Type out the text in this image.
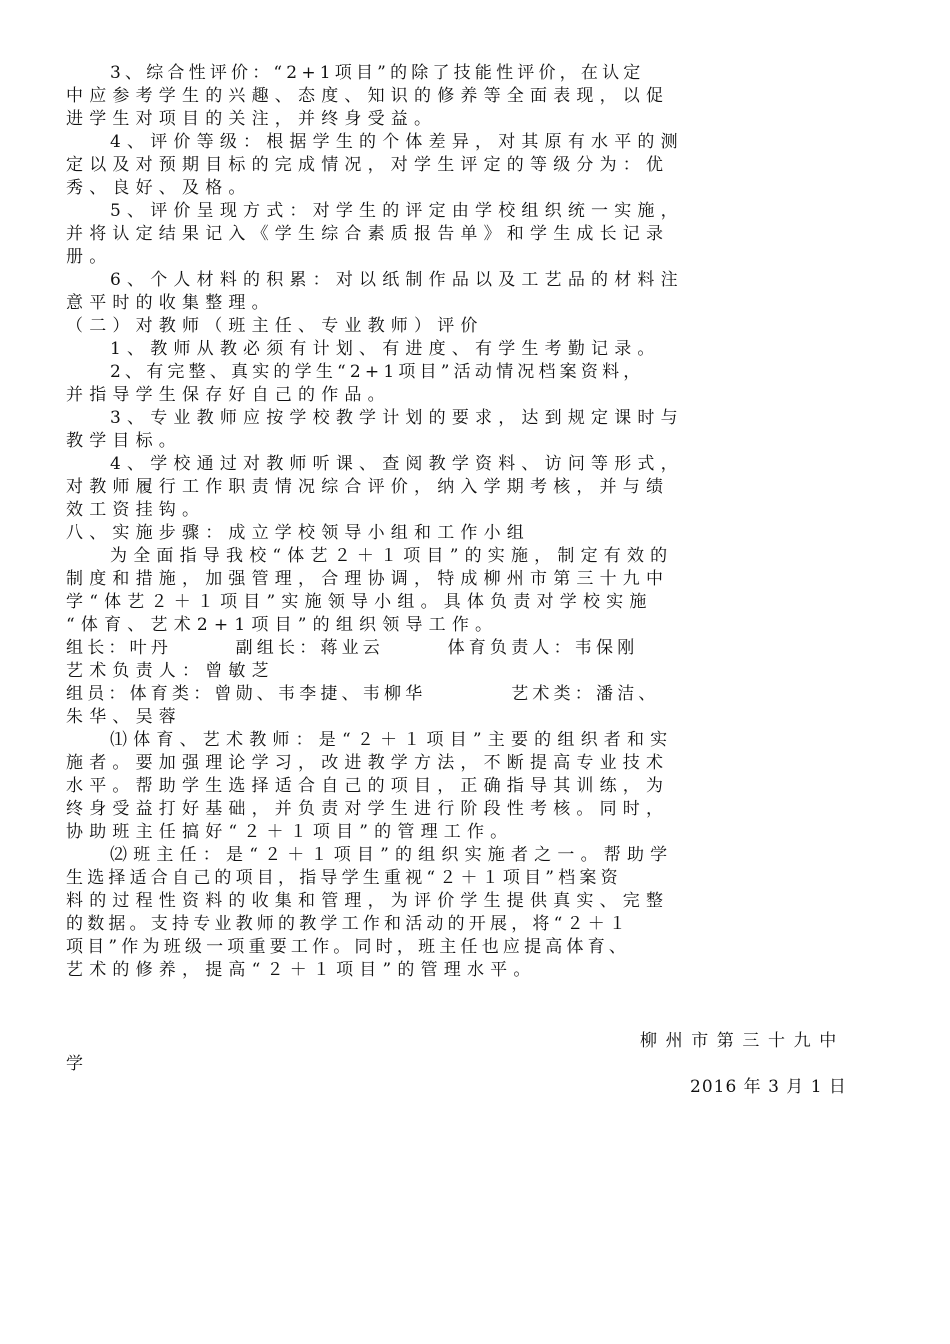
3、综合性评价：“2+1项目”的除了技能性评价，在认定
中应参考学生的兴趣、态度、知识的修养等全面表现，以促
进学生对项目的关注，并终身受益。
4、评价等级：根据学生的个体差异，对其原有水平的测
定以及对预期目标的完成情况，对学生评定的等级分为：优
秀、良好、及格。
5、评价呈现方式：对学生的评定由学校组织统一实施，
并将认定结果记入《学生综合素质报告单》和学生成长记录
册。
6、个人材料的积累：对以纸制作品以及工艺品的材料注
意平时的收集整理。
（二）对教师（班主任、专业教师）评价
1、教师从教必须有计划、有进度、有学生考勤记录。
2、有完整、真实的学生“2+1项目”活动情况档案资料，
并指导学生保存好自己的作品。
3、专业教师应按学校教学计划的要求，达到规定课时与
教学目标。
4、学校通过对教师听课、查阅教学资料、访问等形式，
对教师履行工作职责情况综合评价，纳入学期考核，并与绩
效工资挂钩。
八、实施步骤：成立学校领导小组和工作小组
为全面指导我校“体艺２＋１项目”的实施，制定有效的
制度和措施，加强管理，合理协调，特成柳州市第三十九中
学“体艺２＋１项目”实施领导小组。具体负责对学校实施
“体育、艺术2+1项目”的组织领导工作。
组长：叶丹　　　副组长：蒋业云　　　体育负责人：韦保刚
艺术负责人：曾敏芝
组员：体育类：曾勋、韦李捷、韦柳华　　　　艺术类：潘洁、
朱华、吴蓉
⑴体育、艺术教师：是“２＋１项目”主要的组织者和实
施者。要加强理论学习，改进教学方法，不断提高专业技术
水平。帮助学生选择适合自己的项目，正确指导其训练，为
终身受益打好基础，并负责对学生进行阶段性考核。同时，
协助班主任搞好“２＋１项目”的管理工作。
⑵班主任：是“２＋１项目”的组织实施者之一。帮助学
生选择适合自己的项目，指导学生重视“２＋１项目”档案资
料的过程性资料的收集和管理，为评价学生提供真实、完整
的数据。支持专业教师的教学工作和活动的开展，将“２＋１
项目”作为班级一项重要工作。同时，班主任也应提高体育、
艺术的修养，提高“２＋１项目”的管理水平。
柳州市第三十九中
学
2016 年 3 月 1 日
